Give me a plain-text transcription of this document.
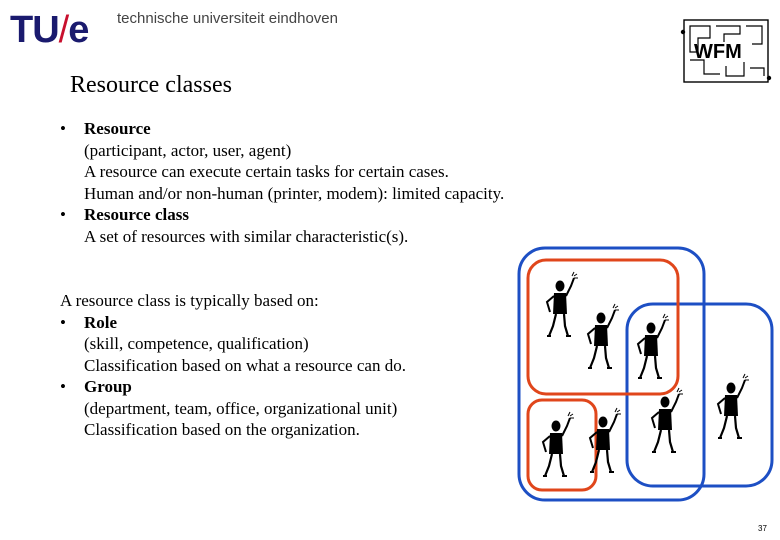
TU/e technische universiteit eindhoven
WFM
Resource classes
• Resource
(participant, actor, user, agent)
A resource can execute certain tasks for certain cases.
Human and/or non-human (printer, modem): limited capacity.
• Resource class
A set of resources with similar characteristic(s).
A resource class is typically based on:
• Role
(skill, competence, qualification)
Classification based on what a resource can do.
• Group
(department, team, office, organizational unit)
Classification based on the organization.
37
